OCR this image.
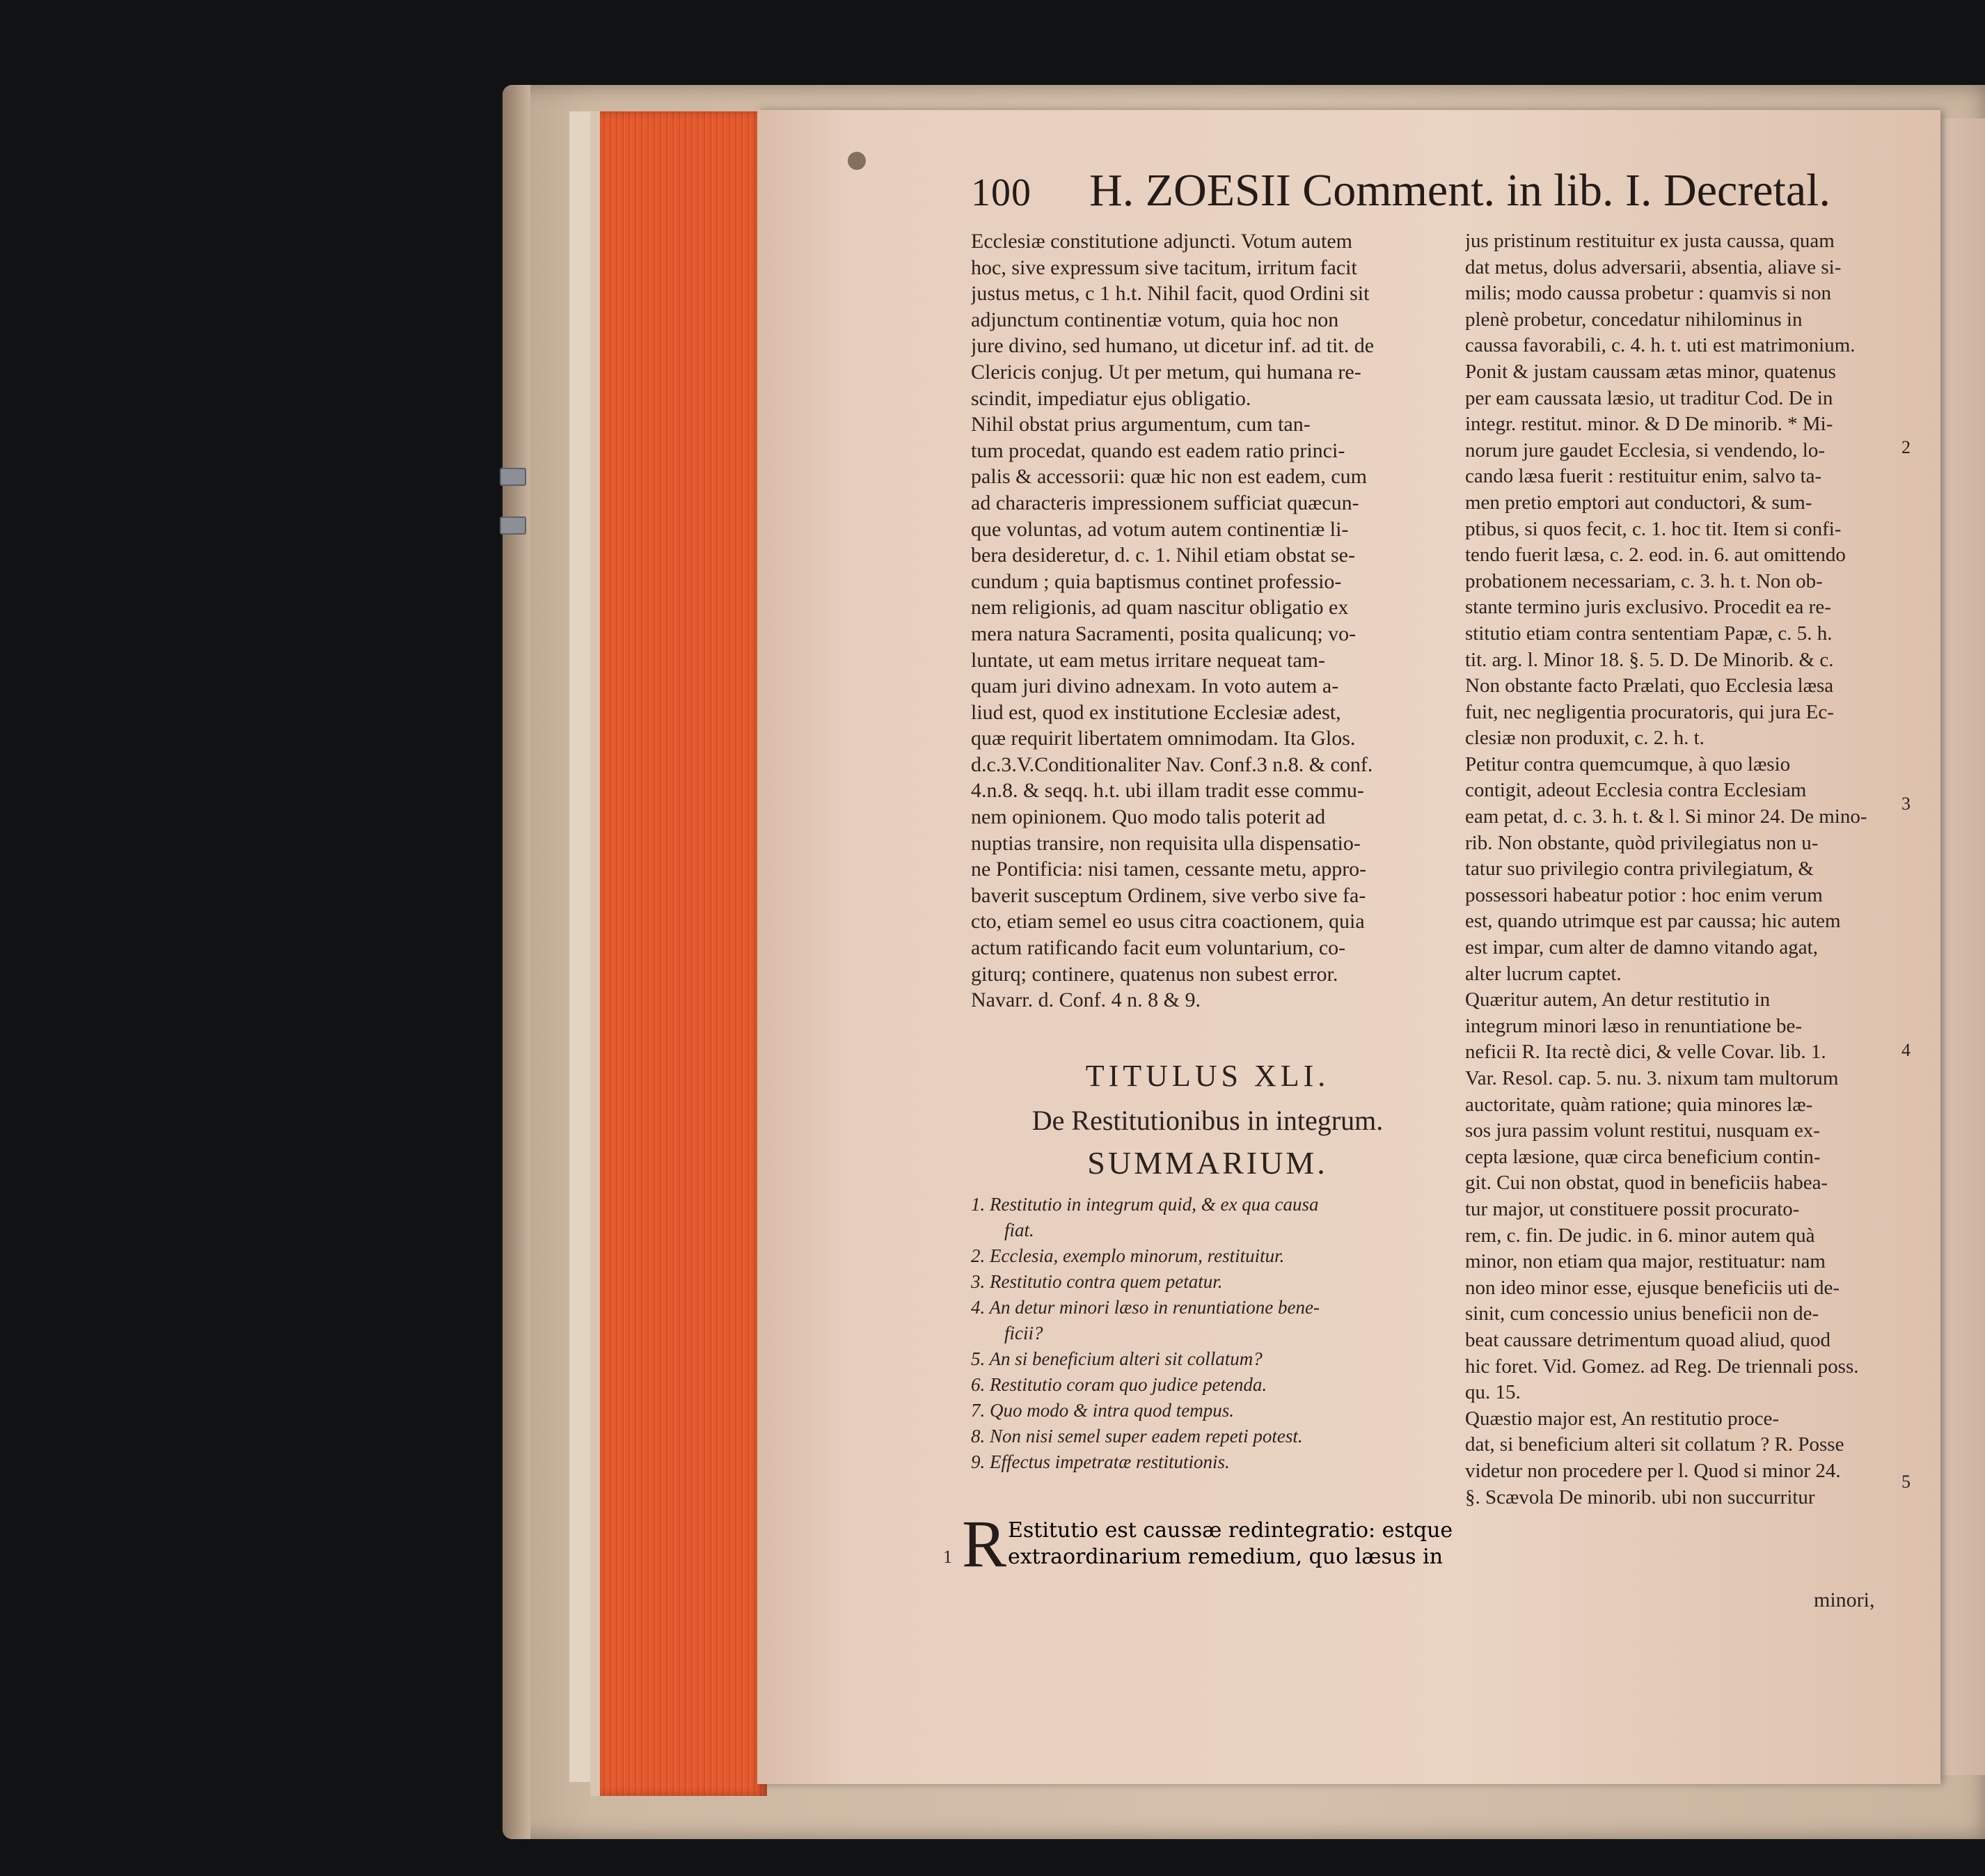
100 H. ZOESII Comment. in lib. I. Decretal.
Ecclesiæ constitutione adjuncti. Votum autem
hoc, sive expressum sive tacitum, irritum facit
justus metus, c 1 h.t. Nihil facit, quod Ordini sit
adjunctum continentiæ votum, quia hoc non
jure divino, sed humano, ut dicetur inf. ad tit. de
Clericis conjug. Ut per metum, qui humana re-
scindit, impediatur ejus obligatio.
Nihil obstat prius argumentum, cum tan-
tum procedat, quando est eadem ratio princi-
palis & accessorii: quæ hic non est eadem, cum
ad characteris impressionem sufficiat quæcun-
que voluntas, ad votum autem continentiæ li-
bera desideretur, d. c. 1. Nihil etiam obstat se-
cundum ; quia baptismus continet professio-
nem religionis, ad quam nascitur obligatio ex
mera natura Sacramenti, posita qualicunq; vo-
luntate, ut eam metus irritare nequeat tam-
quam juri divino adnexam. In voto autem a-
liud est, quod ex institutione Ecclesiæ adest,
quæ requirit libertatem omnimodam. Ita Glos.
d.c.3.V.Conditionaliter Nav. Conf.3 n.8. & conf.
4.n.8. & seqq. h.t. ubi illam tradit esse commu-
nem opinionem. Quo modo talis poterit ad
nuptias transire, non requisita ulla dispensatio-
ne Pontificia: nisi tamen, cessante metu, appro-
baverit susceptum Ordinem, sive verbo sive fa-
cto, etiam semel eo usus citra coactionem, quia
actum ratificando facit eum voluntarium, co-
giturq; continere, quatenus non subest error.
Navarr. d. Conf. 4 n. 8 & 9.
jus pristinum restituitur ex justa caussa, quam
dat metus, dolus adversarii, absentia, aliave si-
milis; modo caussa probetur : quamvis si non
plenè probetur, concedatur nihilominus in
caussa favorabili, c. 4. h. t. uti est matrimonium.
Ponit & justam caussam ætas minor, quatenus
per eam caussata læsio, ut traditur Cod. De in
integr. restitut. minor. & D De minorib. * Mi-
norum jure gaudet Ecclesia, si vendendo, lo-
cando læsa fuerit : restituitur enim, salvo ta-
men pretio emptori aut conductori, & sum-
ptibus, si quos fecit, c. 1. hoc tit. Item si confi-
tendo fuerit læsa, c. 2. eod. in. 6. aut omittendo
probationem necessariam, c. 3. h. t. Non ob-
stante termino juris exclusivo. Procedit ea re-
stitutio etiam contra sententiam Papæ, c. 5. h.
tit. arg. l. Minor 18. §. 5. D. De Minorib. & c.
Non obstante facto Prælati, quo Ecclesia læsa
fuit, nec negligentia procuratoris, qui jura Ec-
clesiæ non produxit, c. 2. h. t.
Petitur contra quemcumque, à quo læsio
contigit, adeout Ecclesia contra Ecclesiam
eam petat, d. c. 3. h. t. & l. Si minor 24. De mino-
rib. Non obstante, quòd privilegiatus non u-
tatur suo privilegio contra privilegiatum, &
possessori habeatur potior : hoc enim verum
est, quando utrimque est par caussa; hic autem
est impar, cum alter de damno vitando agat,
alter lucrum captet.
Quæritur autem, An detur restitutio in
integrum minori læso in renuntiatione be-
neficii R. Ita rectè dici, & velle Covar. lib. 1.
Var. Resol. cap. 5. nu. 3. nixum tam multorum
auctoritate, quàm ratione; quia minores læ-
sos jura passim volunt restitui, nusquam ex-
cepta læsione, quæ circa beneficium contin-
git. Cui non obstat, quod in beneficiis habea-
tur major, ut constituere possit procurato-
rem, c. fin. De judic. in 6. minor autem quà
minor, non etiam qua major, restituatur: nam
non ideo minor esse, ejusque beneficiis uti de-
sinit, cum concessio unius beneficii non de-
beat caussare detrimentum quoad aliud, quod
hic foret. Vid. Gomez. ad Reg. De triennali poss.
qu. 15.
Quæstio major est, An restitutio proce-
dat, si beneficium alteri sit collatum ? R. Posse
videtur non procedere per l. Quod si minor 24.
§. Scævola De minorib. ubi non succurritur
TITULUS XLI.
De Restitutionibus in integrum.
SUMMARIUM.
1. Restitutio in integrum quid, & ex qua causa
fiat.
2. Ecclesia, exemplo minorum, restituitur.
3. Restitutio contra quem petatur.
4. An detur minori læso in renuntiatione bene-
ficii?
5. An si beneficium alteri sit collatum?
6. Restitutio coram quo judice petenda.
7. Quo modo & intra quod tempus.
8. Non nisi semel super eadem repeti potest.
9. Effectus impetratæ restitutionis.
1 R Estitutio est caussæ redintegratio: estque
extraordinarium remedium, quo læsus in
2
3
4
5
minori,
